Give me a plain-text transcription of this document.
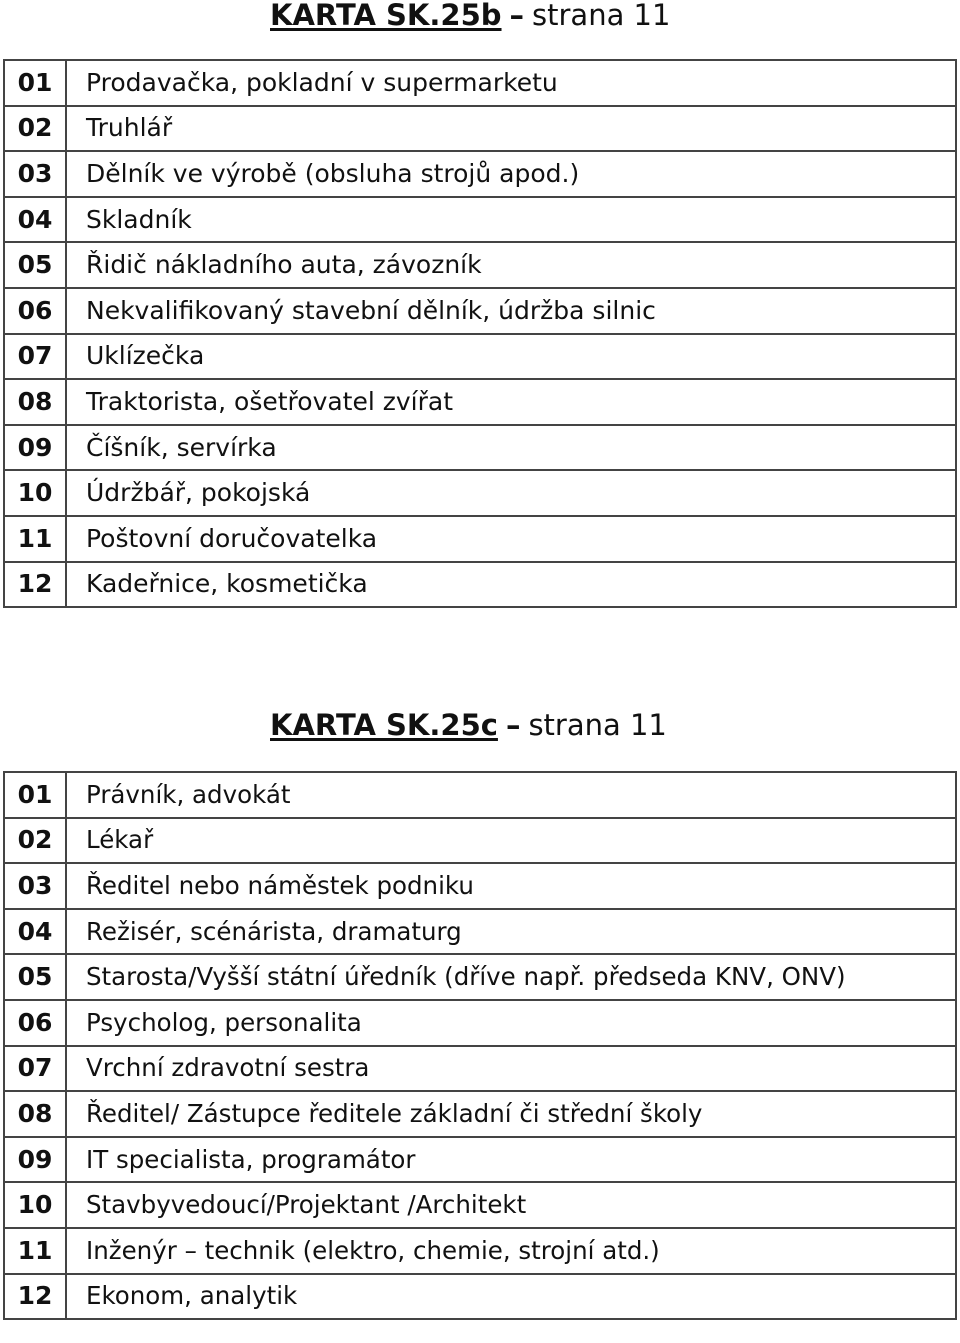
KARTA SK.25b – strana 11
01	Prodavačka, pokladní v supermarketu
02	Truhlář
03	Dělník ve výrobě (obsluha strojů apod.)
04	Skladník
05	Řidič nákladního auta, závozník
06	Nekvalifikovaný stavební dělník, údržba silnic
07	Uklízečka
08	Traktorista, ošetřovatel zvířat
09	Číšník, servírka
10	Údržbář, pokojská
11	Poštovní doručovatelka
12	Kadeřnice, kosmetička
KARTA SK.25c – strana 11
01	Právník, advokát
02	Lékař
03	Ředitel nebo náměstek podniku
04	Režisér, scénárista, dramaturg
05	Starosta/Vyšší státní úředník (dříve např. předseda KNV, ONV)
06	Psycholog, personalita
07	Vrchní zdravotní sestra
08	Ředitel/ Zástupce ředitele základní či střední školy
09	IT specialista, programátor
10	Stavbyvedoucí/Projektant /Architekt
11	Inženýr – technik (elektro, chemie, strojní atd.)
12	Ekonom, analytik
